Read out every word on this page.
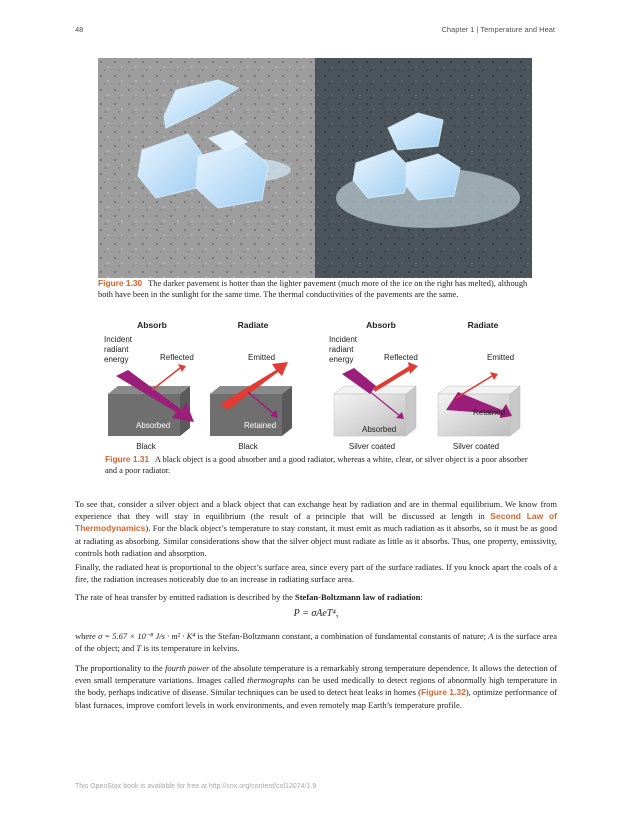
48	Chapter 1 | Temperature and Heat
Figure 1.30 The darker pavement is hotter than the lighter pavement (much more of the ice on the right has melted), although both have been in the sunlight for the same time. The thermal conductivities of the pavements are the same.
Absorb	Radiate	Absorb	Radiate
Incident
radiant
energy	Reflected
Absorbed
Emitted
Retained
Incident
radiant
energy	Reflected
Absorbed
Emitted
Retained
Black	Black	Silver coated	Silver coated
Figure 1.31 A black object is a good absorber and a good radiator, whereas a white, clear, or silver object is a poor absorber and a poor radiator.

To see that, consider a silver object and a black object that can exchange heat by radiation and are in thermal equilibrium. We know from experience that they will stay in equilibrium (the result of a principle that will be discussed at length in Second Law of Thermodynamics). For the black object’s temperature to stay constant, it must emit as much radiation as it absorbs, so it must be as good at radiating as absorbing. Similar considerations show that the silver object must radiate as little as it absorbs. Thus, one property, emissivity, controls both radiation and absorption.

Finally, the radiated heat is proportional to the object’s surface area, since every part of the surface radiates. If you knock apart the coals of a fire, the radiation increases noticeably due to an increase in radiating surface area.

The rate of heat transfer by emitted radiation is described by the Stefan-Boltzmann law of radiation:

P = σAeT⁴,

where σ = 5.67 × 10⁻⁸ J/s · m² · K⁴ is the Stefan-Boltzmann constant, a combination of fundamental constants of nature; A is the surface area of the object; and T is its temperature in kelvins.

The proportionality to the fourth power of the absolute temperature is a remarkably strong temperature dependence. It allows the detection of even small temperature variations. Images called thermographs can be used medically to detect regions of abnormally high temperature in the body, perhaps indicative of disease. Similar techniques can be used to detect heat leaks in homes (Figure 1.32), optimize performance of blast furnaces, improve comfort levels in work environments, and even remotely map Earth’s temperature profile.

This OpenStax book is available for free at http://cnx.org/content/col12074/1.9
